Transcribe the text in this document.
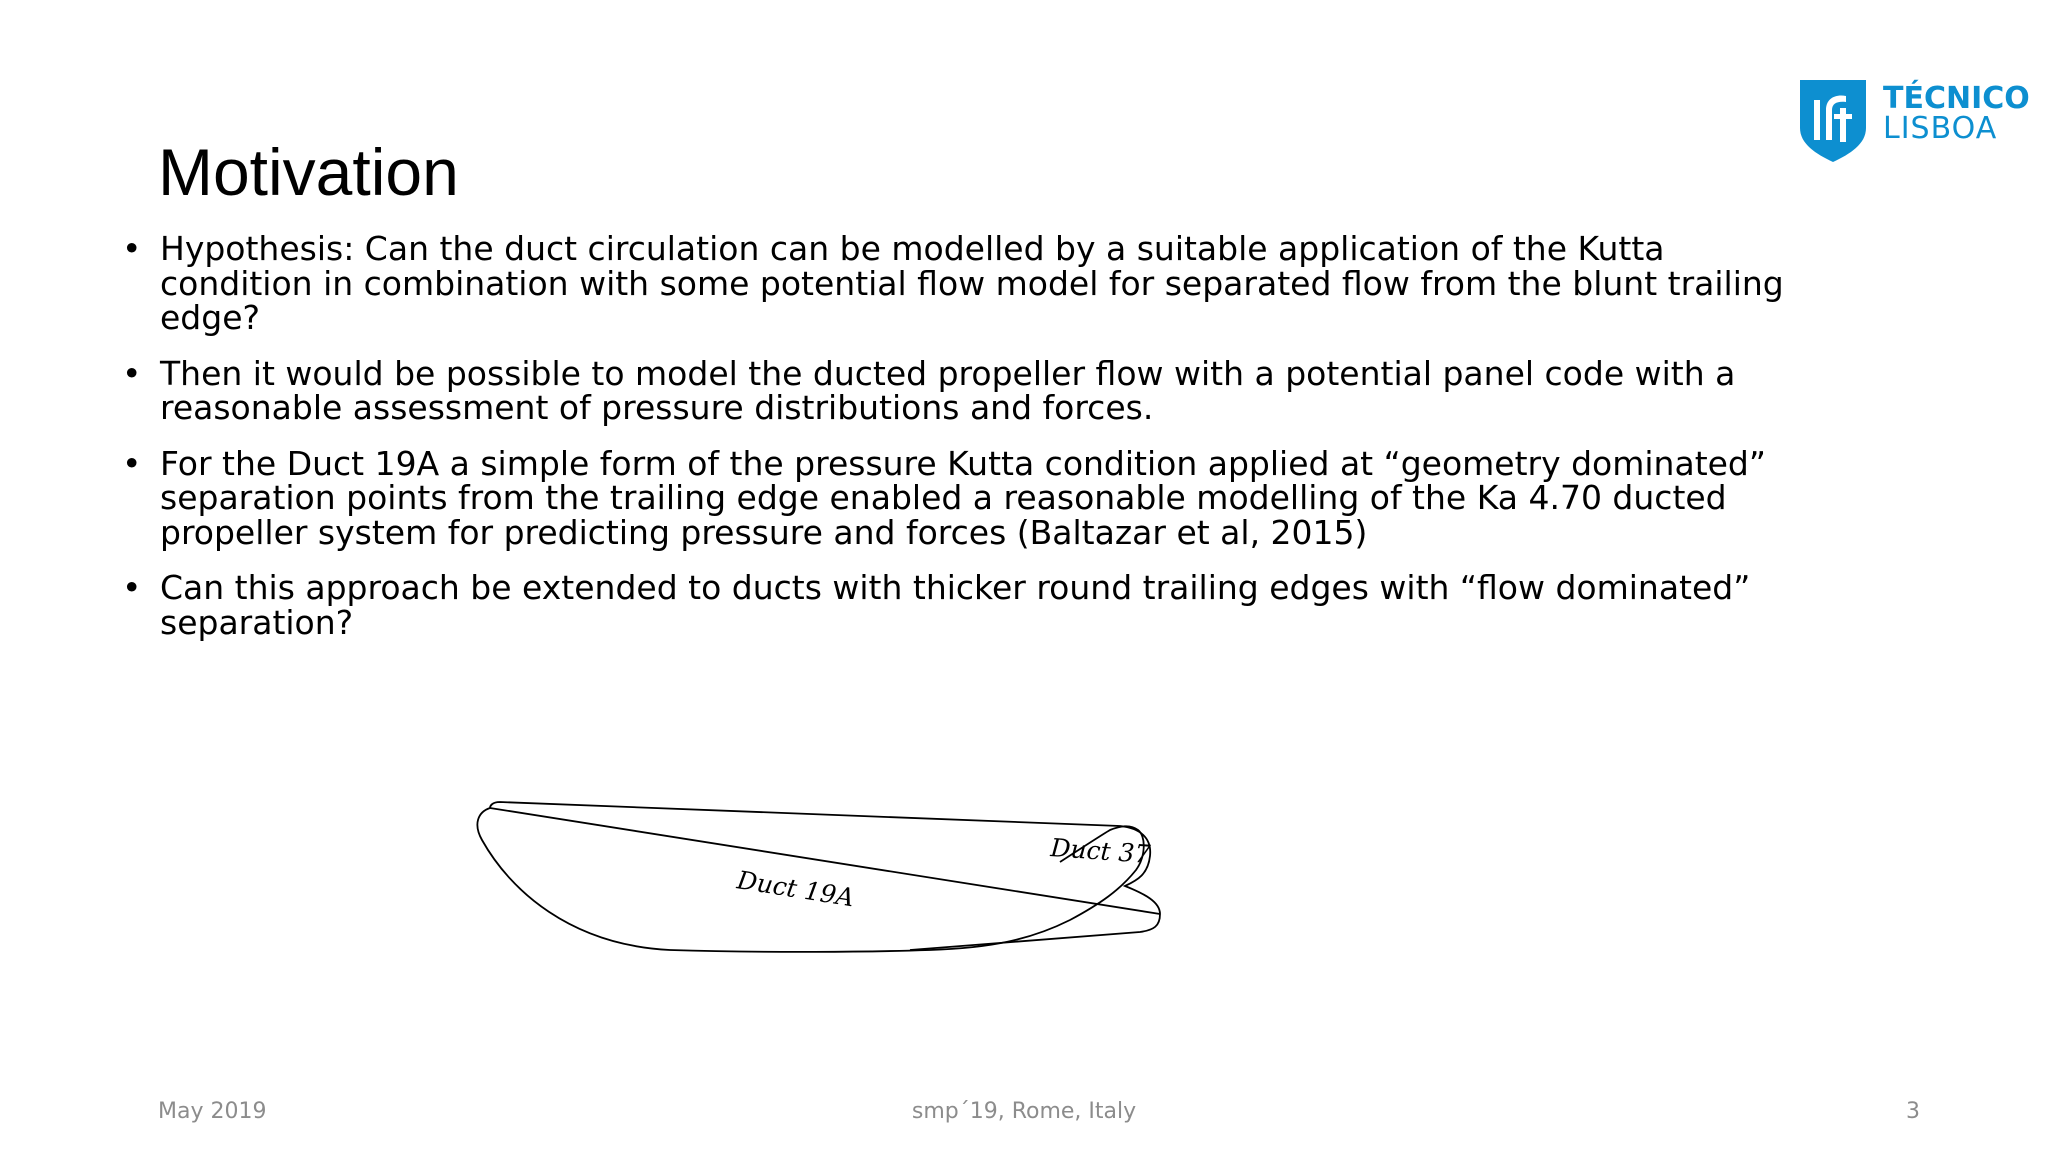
TÉCNICO
LISBOA
Motivation
• Hypothesis: Can the duct circulation can be modelled by a suitable application of the Kutta condition in combination with some potential flow model for separated flow from the blunt trailing edge?
• Then it would be possible to model the ducted propeller flow with a potential panel code with a reasonable assessment of pressure distributions and forces.
• For the Duct 19A a simple form of the pressure Kutta condition applied at “geometry dominated” separation points from the trailing edge enabled a reasonable modelling of the Ka 4.70 ducted propeller system for predicting pressure and forces (Baltazar et al, 2015)
• Can this approach be extended to ducts with thicker round trailing edges with “flow dominated” separation?
Duct 19A
Duct 37
May 2019	smp´19, Rome, Italy	3
